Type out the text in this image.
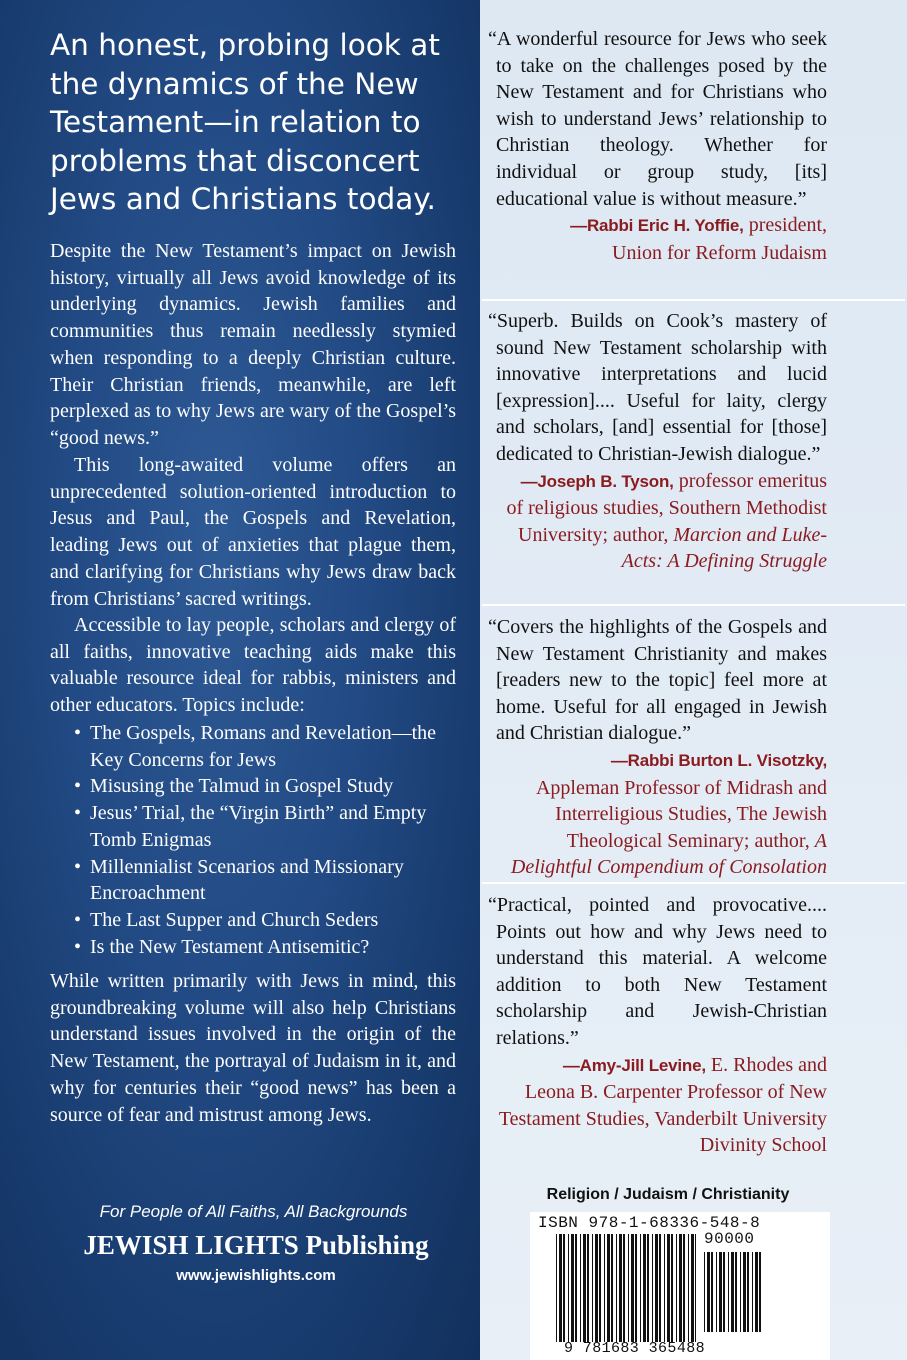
An honest, probing look at the dynamics of the New Testament—in relation to problems that disconcert Jews and Christians today.

Despite the New Testament’s impact on Jewish history, virtually all Jews avoid knowledge of its underlying dynamics. Jewish families and communities thus remain needlessly stymied when responding to a deeply Christian culture. Their Christian friends, meanwhile, are left perplexed as to why Jews are wary of the Gospel’s “good news.”

This long-awaited volume offers an unprecedented solution-oriented introduction to Jesus and Paul, the Gospels and Revelation, leading Jews out of anxieties that plague them, and clarifying for Christians why Jews draw back from Christians’ sacred writings.

Accessible to lay people, scholars and clergy of all faiths, innovative teaching aids make this valuable resource ideal for rabbis, ministers and other educators. Topics include:

• The Gospels, Romans and Revelation—the Key Concerns for Jews
• Misusing the Talmud in Gospel Study
• Jesus’ Trial, the “Virgin Birth” and Empty Tomb Enigmas
• Millennialist Scenarios and Missionary Encroachment
• The Last Supper and Church Seders
• Is the New Testament Antisemitic?

While written primarily with Jews in mind, this groundbreaking volume will also help Christians understand issues involved in the origin of the New Testament, the portrayal of Judaism in it, and why for centuries their “good news” has been a source of fear and mistrust among Jews.

For People of All Faiths, All Backgrounds

JEWISH LIGHTS Publishing

www.jewishlights.com

“A wonderful resource for Jews who seek to take on the challenges posed by the New Testament and for Christians who wish to understand Jews’ relationship to Christian theology. Whether for individual or group study, [its] educational value is without measure.”

—Rabbi Eric H. Yoffie, president,
Union for Reform Judaism

“Superb. Builds on Cook’s mastery of sound New Testament scholarship with innovative interpretations and lucid [expression].... Useful for laity, clergy and scholars, [and] essential for [those] dedicated to Christian-Jewish dialogue.”

—Joseph B. Tyson, professor emeritus
of religious studies, Southern Methodist University; author, Marcion and Luke-Acts: A Defining Struggle

“Covers the highlights of the Gospels and New Testament Christianity and makes [readers new to the topic] feel more at home. Useful for all engaged in Jewish and Christian dialogue.”

—Rabbi Burton L. Visotzky,
Appleman Professor of Midrash and Interreligious Studies, The Jewish Theological Seminary; author, A Delightful Compendium of Consolation

“Practical, pointed and provocative.... Points out how and why Jews need to understand this material. A welcome addition to both New Testament scholarship and Jewish-Christian relations.”

—Amy-Jill Levine, E. Rhodes and
Leona B. Carpenter Professor of New Testament Studies, Vanderbilt University Divinity School

Religion / Judaism / Christianity

ISBN 978-1-68336-548-8
90000
9 781683 365488
